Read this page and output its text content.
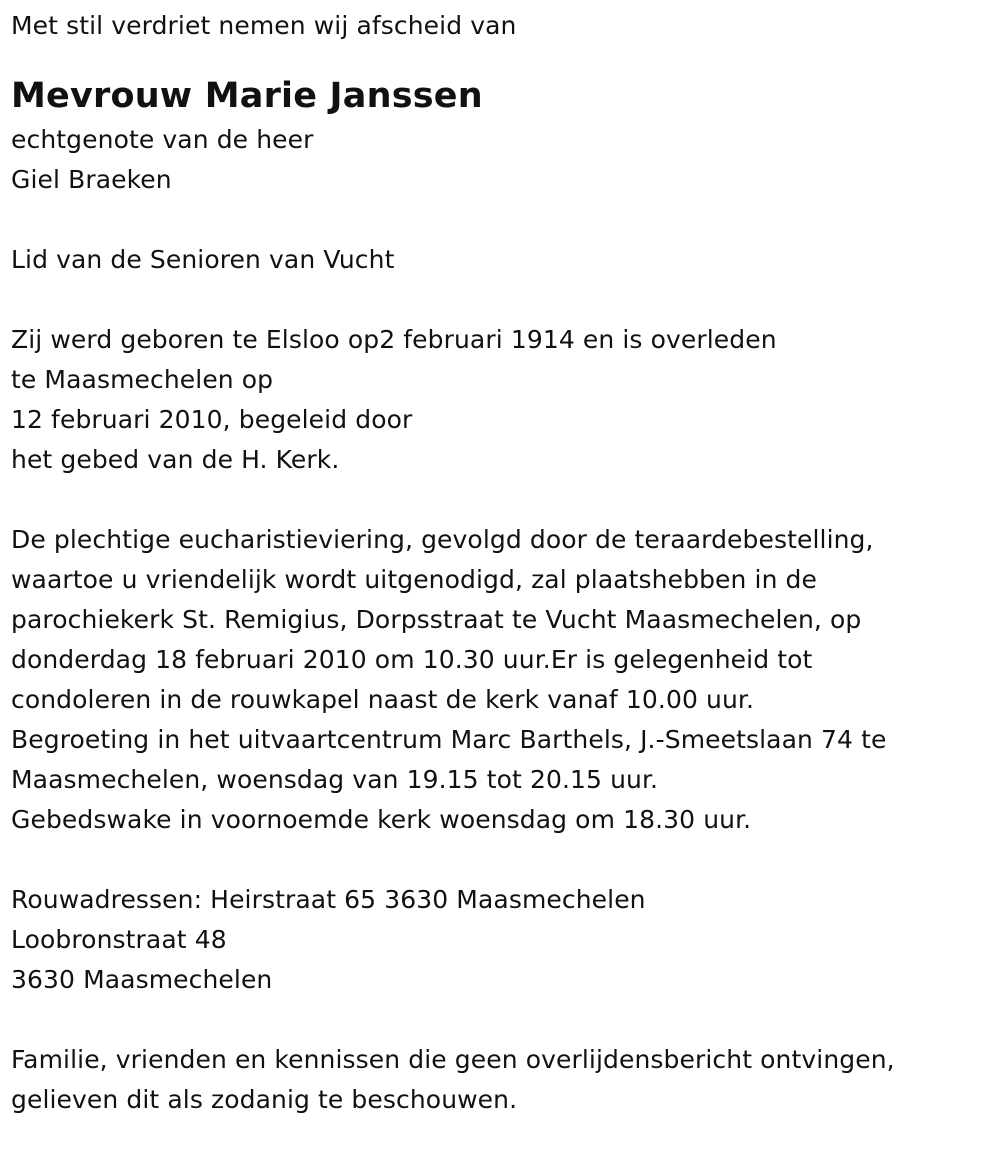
Met stil verdriet nemen wij afscheid van

Mevrouw Marie Janssen

echtgenote van de heer

Giel Braeken

Lid van de Senioren van Vucht

Zij werd geboren te Elsloo op2 februari 1914 en is overleden

te Maasmechelen op

12 februari 2010, begeleid door

het gebed van de H. Kerk.

De plechtige eucharistieviering, gevolgd door de teraardebestelling,

waartoe u vriendelijk wordt uitgenodigd, zal plaatshebben in de

parochiekerk St. Remigius, Dorpsstraat te Vucht Maasmechelen, op

donderdag 18 februari 2010 om 10.30 uur.Er is gelegenheid tot

condoleren in de rouwkapel naast de kerk vanaf 10.00 uur.

Begroeting in het uitvaartcentrum Marc Barthels, J.-Smeetslaan 74 te

Maasmechelen, woensdag van 19.15 tot 20.15 uur.

Gebedswake in voornoemde kerk woensdag om 18.30 uur.

Rouwadressen: Heirstraat 65 3630 Maasmechelen

Loobronstraat 48

3630 Maasmechelen

Familie, vrienden en kennissen die geen overlijdensbericht ontvingen,

gelieven dit als zodanig te beschouwen.
